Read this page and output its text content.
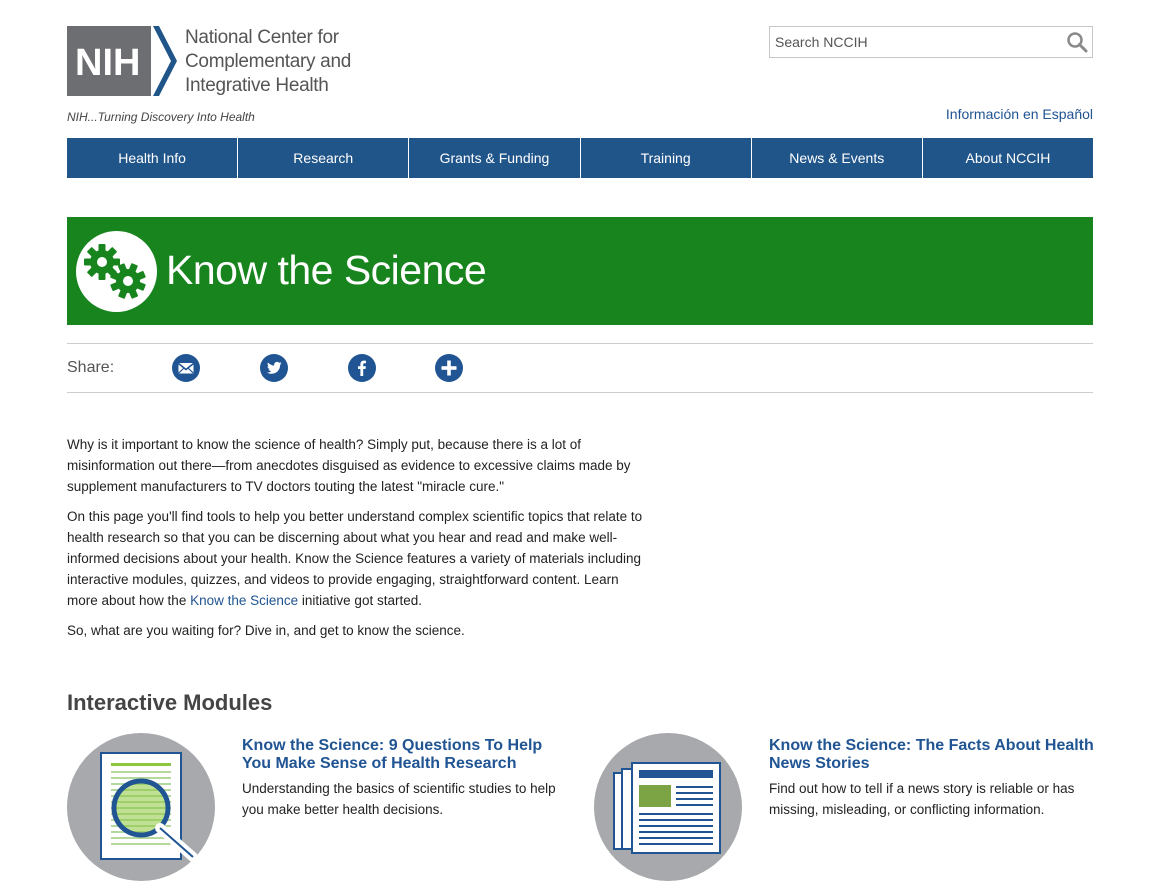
NIH
National Center for
Complementary and
Integrative Health
NIH...Turning Discovery Into Health
Search NCCIH	Información en Español
Health Info	Research	Grants & Funding	Training	News & Events	About NCCIH
Know the Science
Share:

Why is it important to know the science of health? Simply put, because there is a lot of misinformation out there—from anecdotes disguised as evidence to excessive claims made by supplement manufacturers to TV doctors touting the latest "miracle cure."

On this page you'll find tools to help you better understand complex scientific topics that relate to health research so that you can be discerning about what you hear and read and make well-informed decisions about your health. Know the Science features a variety of materials including interactive modules, quizzes, and videos to provide engaging, straightforward content. Learn more about how the Know the Science initiative got started.

So, what are you waiting for? Dive in, and get to know the science.

Interactive Modules
Know the Science: 9 Questions To Help You Make Sense of Health Research
Understanding the basics of scientific studies to help you make better health decisions.
Know the Science: The Facts About Health News Stories
Find out how to tell if a news story is reliable or has missing, misleading, or conflicting information.
